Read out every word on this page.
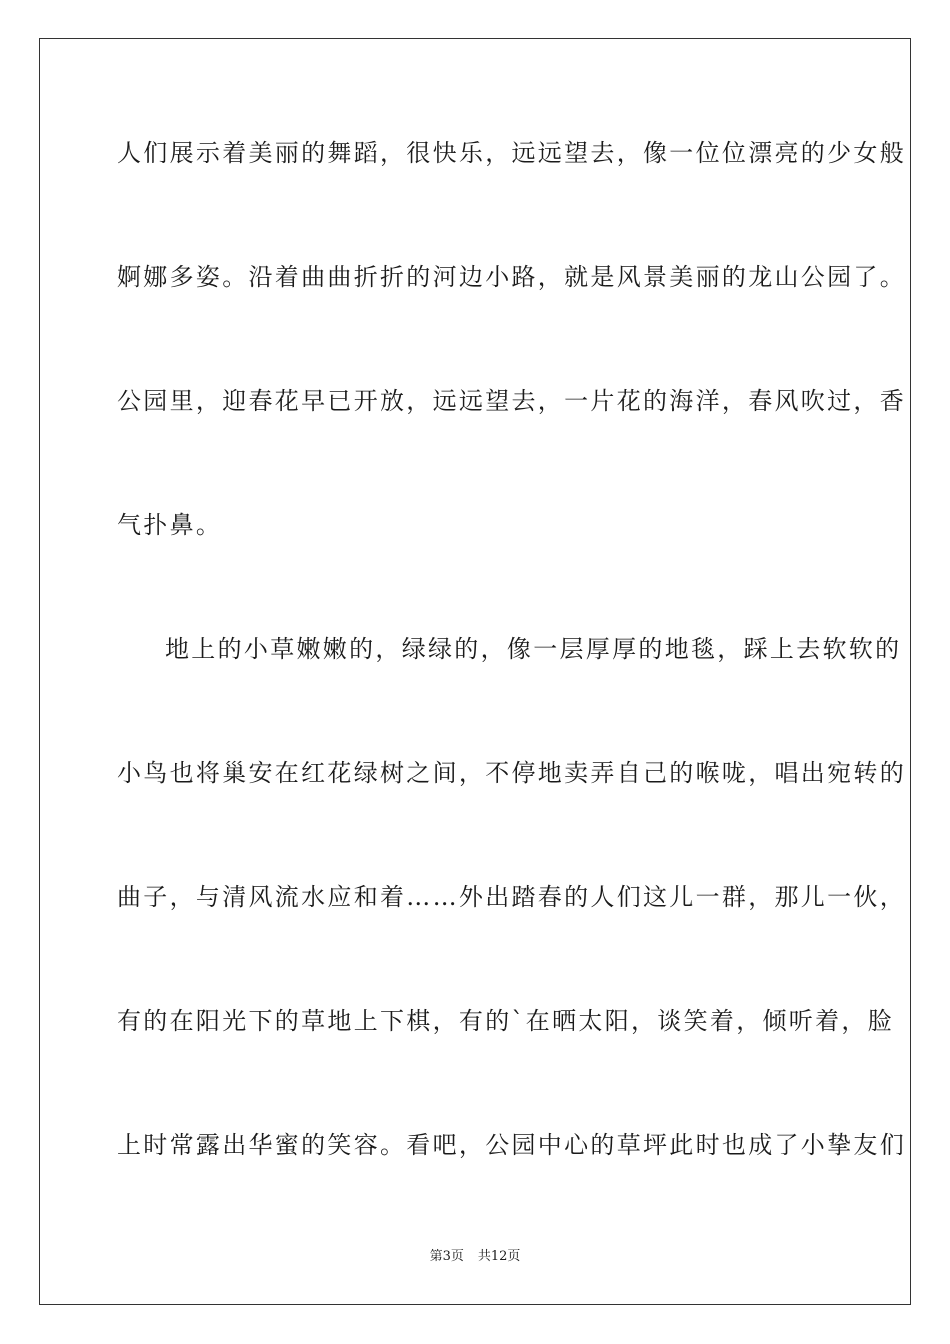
人们展示着美丽的舞蹈，很快乐，远远望去，像一位位漂亮的少女般
婀娜多姿。沿着曲曲折折的河边小路，就是风景美丽的龙山公园了。
公园里，迎春花早已开放，远远望去，一片花的海洋，春风吹过，香
气扑鼻。
地上的小草嫩嫩的，绿绿的，像一层厚厚的地毯，踩上去软软的
小鸟也将巢安在红花绿树之间，不停地卖弄自己的喉咙，唱出宛转的
曲子，与清风流水应和着……外出踏春的人们这儿一群，那儿一伙，
有的在阳光下的草地上下棋，有的`在晒太阳，谈笑着，倾听着，脸
上时常露出华蜜的笑容。看吧，公园中心的草坪此时也成了小挚友们
第3页 共12页
